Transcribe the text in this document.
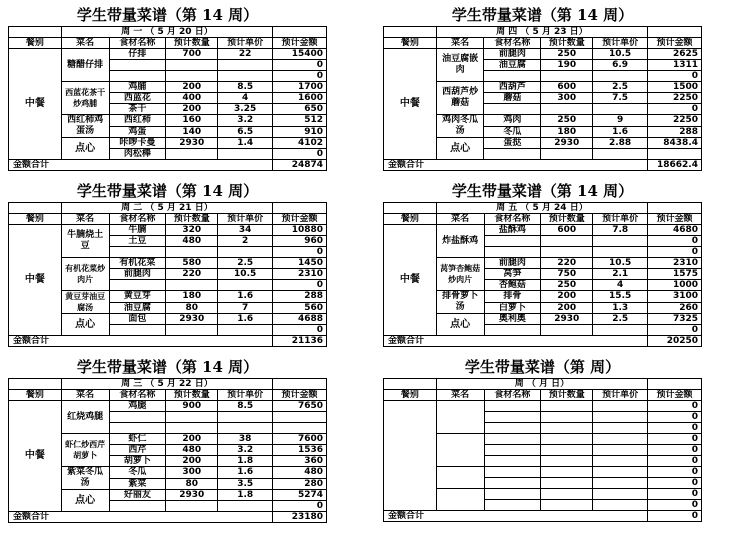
学生带量菜谱（第 14 周）
	周 一 （ 5 月 20 日）				
餐别	菜名	食材名称	预计数量	预计单价	预计金额
中餐	糖醋仔排	仔排	700	22	15400
					0
					0
	西蓝花茶干炒鸡脯	鸡脯	200	8.5	1700
		西蓝花	400	4	1600
		茶干	200	3.25	650
	西红柿鸡蛋汤	西红柿	160	3.2	512
		鸡蛋	140	6.5	910
	点心	咔啰卡曼	2930	1.4	4102
		肉松棒			0
金额合计					24874
学生带量菜谱（第 14 周）
	周 四 （ 5 月 23 日）				
餐别	菜名	食材名称	预计数量	预计单价	预计金额
中餐	油豆腐嵌肉	前腿肉	250	10.5	2625
		油豆腐	190	6.9	1311
					0
	西葫芦炒蘑菇	西葫芦	600	2.5	1500
		蘑菇	300	7.5	2250
					0
	鸡肉冬瓜汤	鸡肉	250	9	2250
		冬瓜	180	1.6	288
	点心	蛋挞	2930	2.88	8438.4

金额合计					18662.4
学生带量菜谱（第 14 周）
	周 二 （ 5 月 21 日）				
餐别	菜名	食材名称	预计数量	预计单价	预计金额
中餐	牛腩烧土豆	牛腩	320	34	10880
		土豆	480	2	960
					0
	有机花菜炒肉片	有机花菜	580	2.5	1450
		前腿肉	220	10.5	2310
					0
	黄豆芽油豆腐汤	黄豆芽	180	1.6	288
		油豆腐	80	7	560
	点心	面包	2930	1.6	4688
					0
金额合计					21136
学生带量菜谱（第 14 周）
	周 五 （ 5 月 24 日）				
餐别	菜名	食材名称	预计数量	预计单价	预计金额
中餐	炸盐酥鸡	盐酥鸡	600	7.8	4680
					0
					0
	莴笋杏鲍菇炒肉片	前腿肉	220	10.5	2310
		莴笋	750	2.1	1575
		杏鲍菇	250	4	1000
	排骨萝卜汤	排骨	200	15.5	3100
		白萝卜	200	1.3	260
	点心	奥利奥	2930	2.5	7325
					0
金额合计					20250
学生带量菜谱（第 14 周）
	周 三 （ 5 月 22 日）				
餐别	菜名	食材名称	预计数量	预计单价	预计金额
中餐	红烧鸡腿	鸡腿	900	8.5	7650

	虾仁炒西芹胡萝卜	虾仁	200	38	7600
		西芹	480	3.2	1536
		胡萝卜	200	1.8	360
	紫菜冬瓜汤	冬瓜	300	1.6	480
		紫菜	80	3.5	280
	点心	好丽友	2930	1.8	5274
					0
金额合计					23180
学生带量菜谱（第 周）
	周 （ 月 日）				
餐别	菜名	食材名称	预计数量	预计单价	预计金额
					0
					0
					0
					0
					0
					0
					0
					0
					0
					0
金额合计					0
